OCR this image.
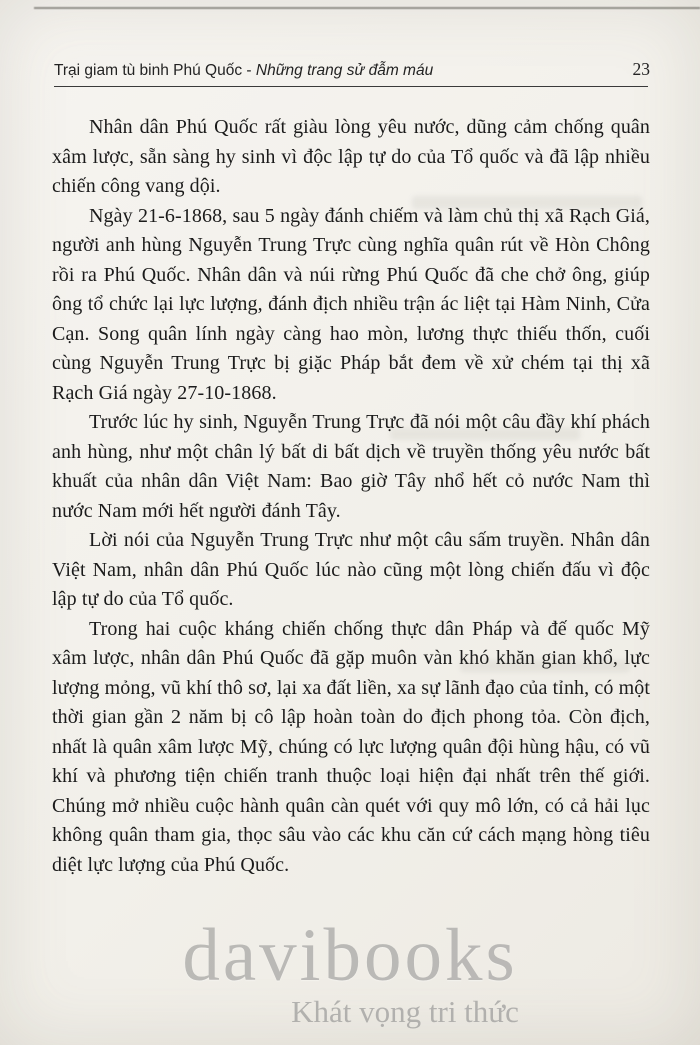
Trại giam tù binh Phú Quốc - Những trang sử đẫm máu	23

Nhân dân Phú Quốc rất giàu lòng yêu nước, dũng cảm chống quân xâm lược, sẵn sàng hy sinh vì độc lập tự do của Tổ quốc và đã lập nhiều chiến công vang dội.

Ngày 21-6-1868, sau 5 ngày đánh chiếm và làm chủ thị xã Rạch Giá, người anh hùng Nguyễn Trung Trực cùng nghĩa quân rút về Hòn Chông rồi ra Phú Quốc. Nhân dân và núi rừng Phú Quốc đã che chở ông, giúp ông tổ chức lại lực lượng, đánh địch nhiều trận ác liệt tại Hàm Ninh, Cửa Cạn. Song quân lính ngày càng hao mòn, lương thực thiếu thốn, cuối cùng Nguyễn Trung Trực bị giặc Pháp bắt đem về xử chém tại thị xã Rạch Giá ngày 27-10-1868.

Trước lúc hy sinh, Nguyễn Trung Trực đã nói một câu đầy khí phách anh hùng, như một chân lý bất di bất dịch về truyền thống yêu nước bất khuất của nhân dân Việt Nam: Bao giờ Tây nhổ hết cỏ nước Nam thì nước Nam mới hết người đánh Tây.

Lời nói của Nguyễn Trung Trực như một câu sấm truyền. Nhân dân Việt Nam, nhân dân Phú Quốc lúc nào cũng một lòng chiến đấu vì độc lập tự do của Tổ quốc.

Trong hai cuộc kháng chiến chống thực dân Pháp và đế quốc Mỹ xâm lược, nhân dân Phú Quốc đã gặp muôn vàn khó khăn gian khổ, lực lượng mỏng, vũ khí thô sơ, lại xa đất liền, xa sự lãnh đạo của tỉnh, có một thời gian gần 2 năm bị cô lập hoàn toàn do địch phong tỏa. Còn địch, nhất là quân xâm lược Mỹ, chúng có lực lượng quân đội hùng hậu, có vũ khí và phương tiện chiến tranh thuộc loại hiện đại nhất trên thế giới. Chúng mở nhiều cuộc hành quân càn quét với quy mô lớn, có cả hải lục không quân tham gia, thọc sâu vào các khu căn cứ cách mạng hòng tiêu diệt lực lượng của Phú Quốc.

davibooks
Khát vọng tri thức
